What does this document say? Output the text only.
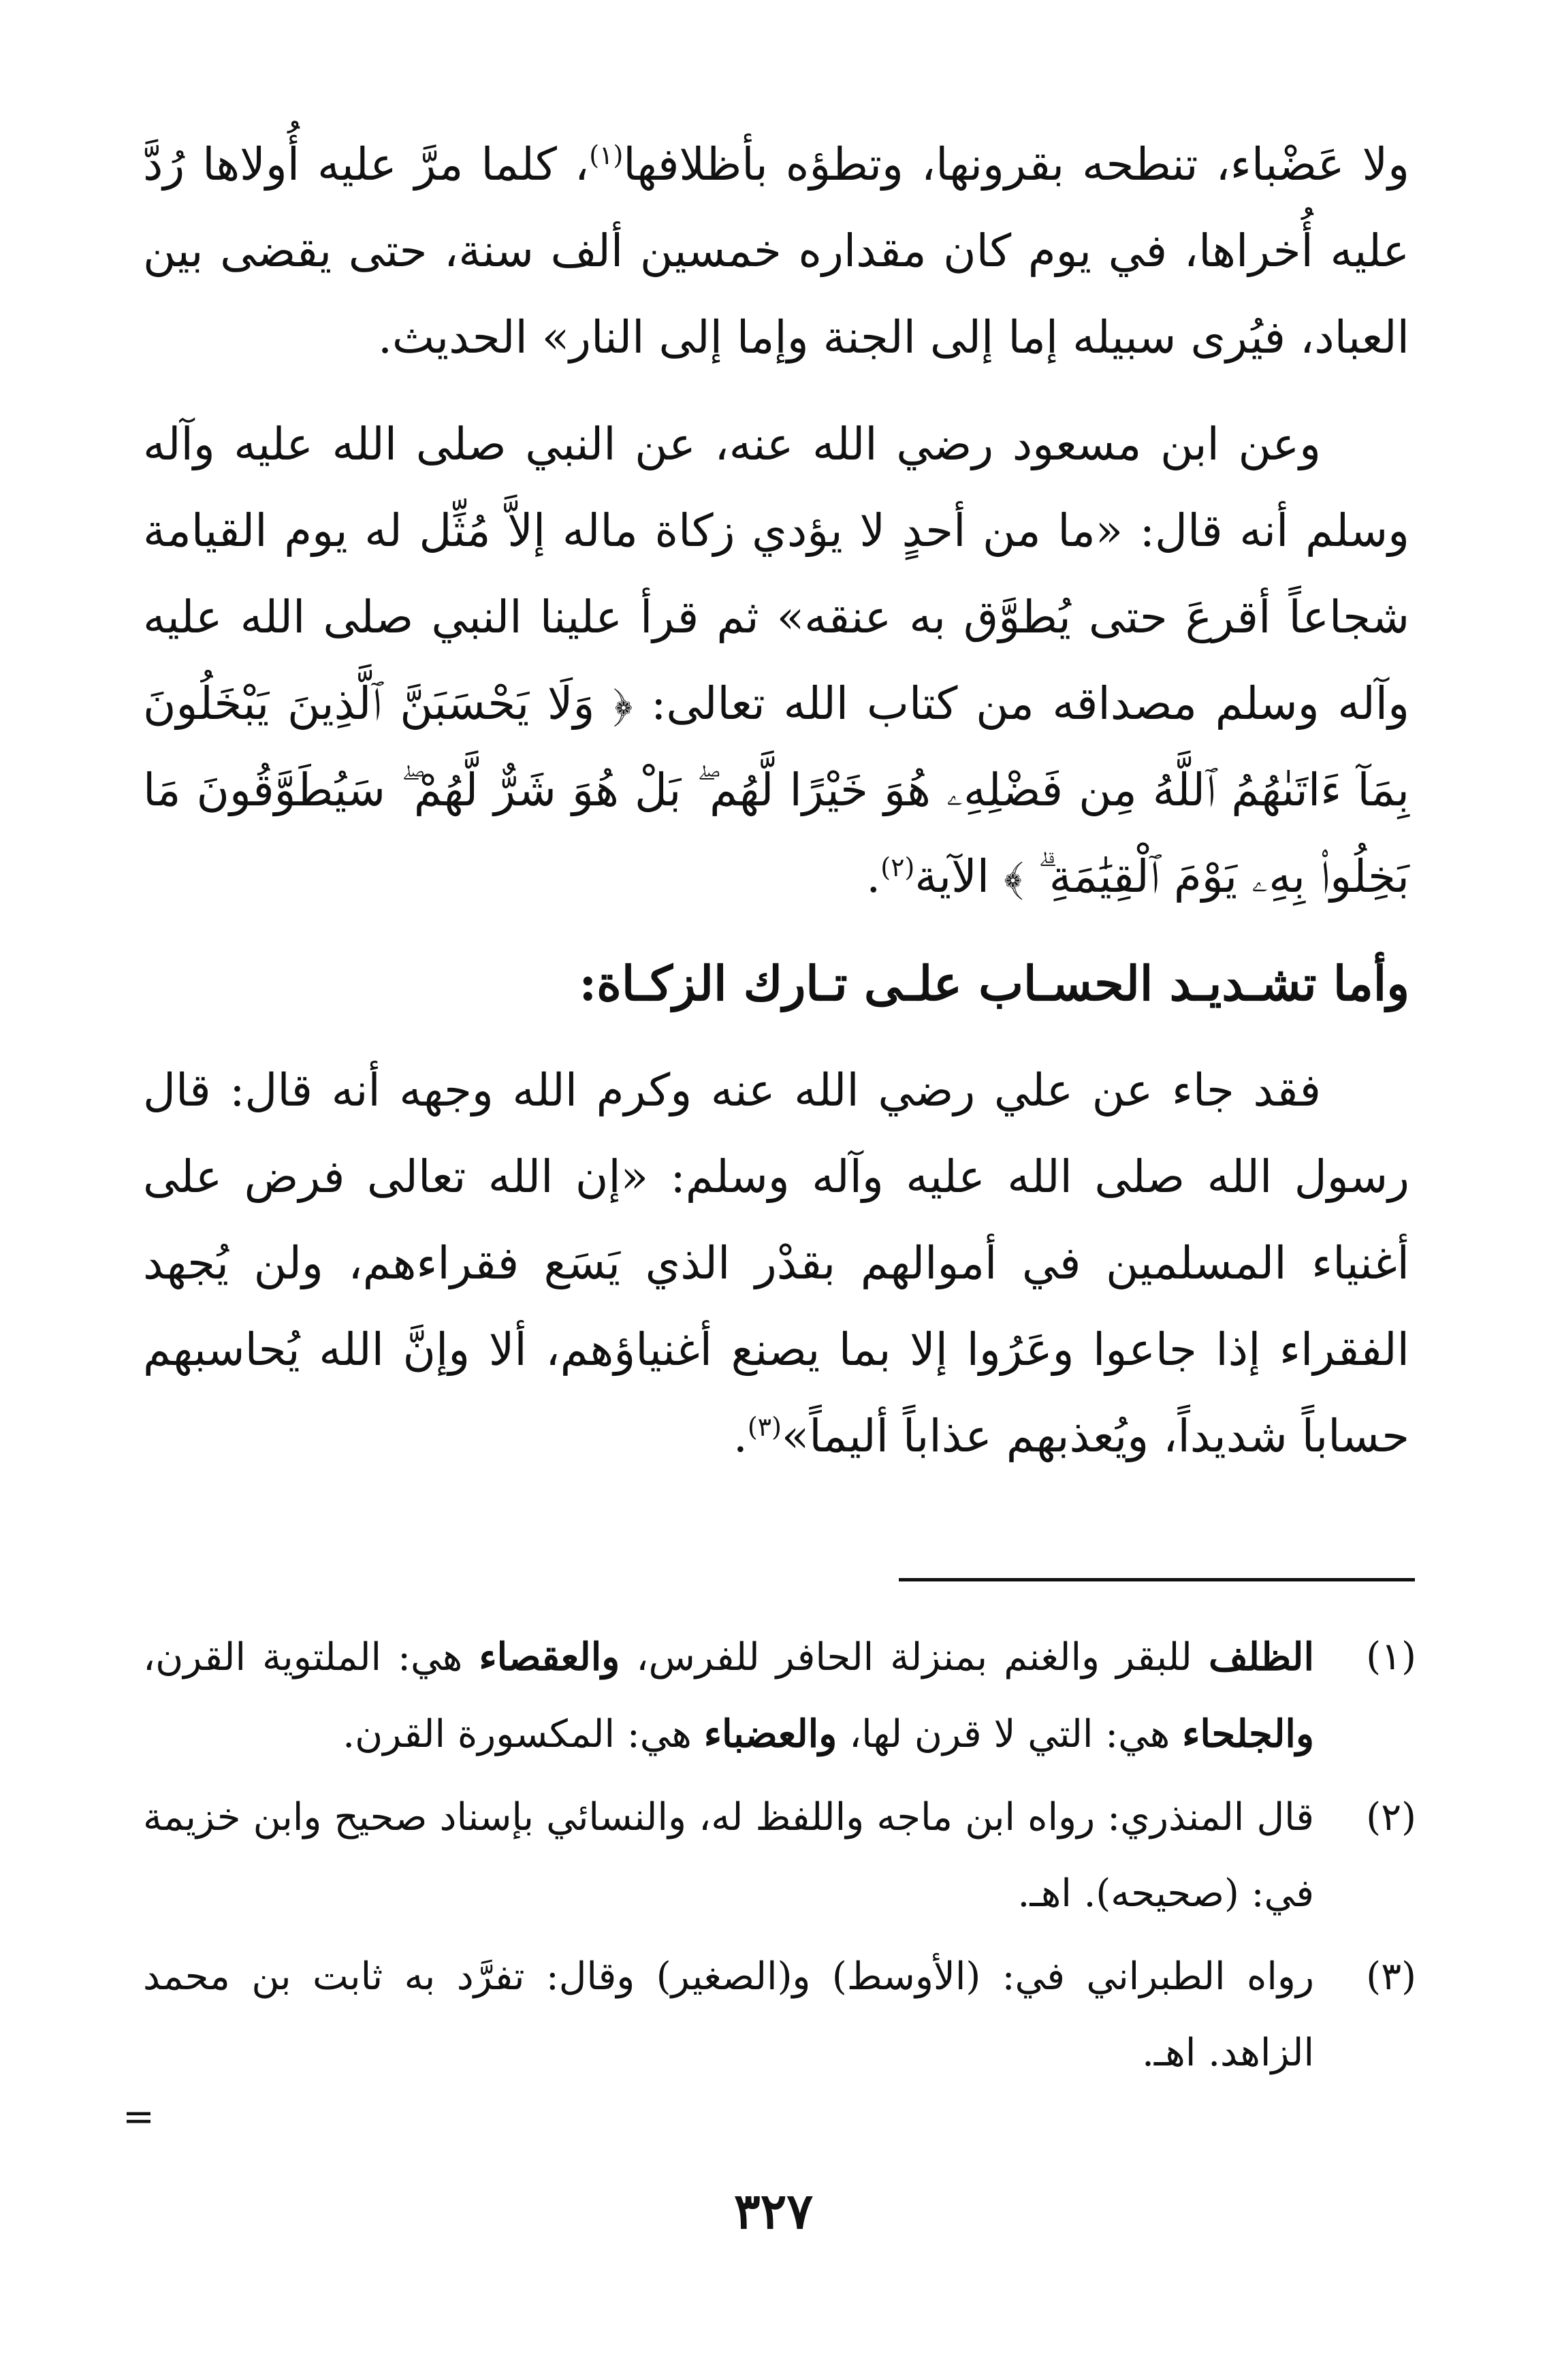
ولا عَضْباء، تنطحه بقرونها، وتطؤه بأظلافها$^{(١)}$، كلما مرَّ عليه أُولاها رُدَّ عليه أُخراها، في يوم كان مقداره خمسين ألف سنة، حتى يقضى بين العباد، فيُرى سبيله إما إلى الجنة وإما إلى النار» الحديث.

وعن ابن مسعود رضي الله عنه، عن النبي صلى الله عليه وآله وسلم أنه قال: «ما من أحدٍ لا يؤدي زكاة ماله إلاَّ مُثِّل له يوم القيامة شجاعاً أقرعَ حتى يُطوَّق به عنقه» ثم قرأ علينا النبي صلى الله عليه وآله وسلم مصداقه من كتاب الله تعالى: ﴿ وَلَا يَحْسَبَنَّ ٱلَّذِينَ يَبْخَلُونَ بِمَآ ءَاتَىٰهُمُ ٱللَّهُ مِن فَضْلِهِۦ هُوَ خَيْرًا لَّهُم ۖ بَلْ هُوَ شَرٌّ لَّهُمْ ۖ سَيُطَوَّقُونَ مَا بَخِلُوا۟ بِهِۦ يَوْمَ ٱلْقِيَٰمَةِ ۗ ﴾ الآية$^{(٢)}$.

وأما تشـديـد الحسـاب علـى تـارك الزكـاة:

فقد جاء عن علي رضي الله عنه وكرم الله وجهه أنه قال: قال رسول الله صلى الله عليه وآله وسلم: «إن الله تعالى فرض على أغنياء المسلمين في أموالهم بقدْر الذي يَسَع فقراءهم، ولن يُجهد الفقراء إذا جاعوا وعَرُوا إلا بما يصنع أغنياؤهم، ألا وإنَّ الله يُحاسبهم حساباً شديداً، ويُعذبهم عذاباً أليماً»$^{(٣)}$.

(١)
الظلف للبقر والغنم بمنزلة الحافر للفرس، والعقصاء هي: الملتوية القرن، والجلحاء هي: التي لا قرن لها، والعضباء هي: المكسورة القرن.

(٢)
قال المنذري: رواه ابن ماجه واللفظ له، والنسائي بإسناد صحيح وابن خزيمة في: (صحيحه). اهـ.

(٣)
رواه الطبراني في: (الأوسط) و(الصغير) وقال: تفرَّد به ثابت بن محمد الزاهد. اهـ.

=
٣٢٧
